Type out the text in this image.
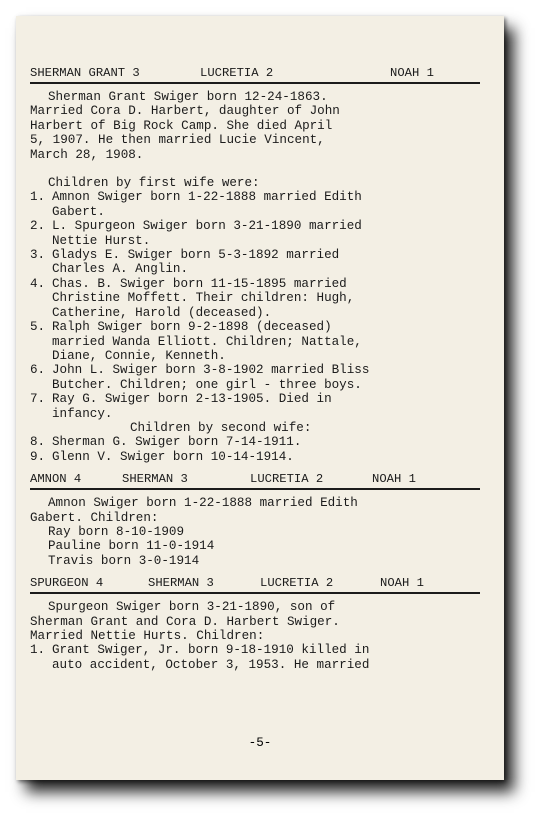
SHERMAN GRANT 3	LUCRETIA 2	NOAH 1
Sherman Grant Swiger born 12-24-1863.
Married Cora D. Harbert, daughter of John
Harbert of Big Rock Camp. She died April
5, 1907. He then married Lucie Vincent,
March 28, 1908.
Children by first wife were:
1. Amnon Swiger born 1-22-1888 married Edith
Gabert.
2. L. Spurgeon Swiger born 3-21-1890 married
Nettie Hurst.
3. Gladys E. Swiger born 5-3-1892 married
Charles A. Anglin.
4. Chas. B. Swiger born 11-15-1895 married
Christine Moffett. Their children: Hugh,
Catherine, Harold (deceased).
5. Ralph Swiger born 9-2-1898 (deceased)
married Wanda Elliott. Children; Nattale,
Diane, Connie, Kenneth.
6. John L. Swiger born 3-8-1902 married Bliss
Butcher. Children; one girl - three boys.
7. Ray G. Swiger born 2-13-1905. Died in
infancy.
Children by second wife:
8. Sherman G. Swiger born 7-14-1911.
9. Glenn V. Swiger born 10-14-1914.
AMNON 4	SHERMAN 3	LUCRETIA 2	NOAH 1
Amnon Swiger born 1-22-1888 married Edith
Gabert. Children:
Ray born 8-10-1909
Pauline born 11-0-1914
Travis born 3-0-1914
SPURGEON 4	SHERMAN 3	LUCRETIA 2	NOAH 1
Spurgeon Swiger born 3-21-1890, son of
Sherman Grant and Cora D. Harbert Swiger.
Married Nettie Hurts. Children:
1. Grant Swiger, Jr. born 9-18-1910 killed in
auto accident, October 3, 1953. He married
-5-
